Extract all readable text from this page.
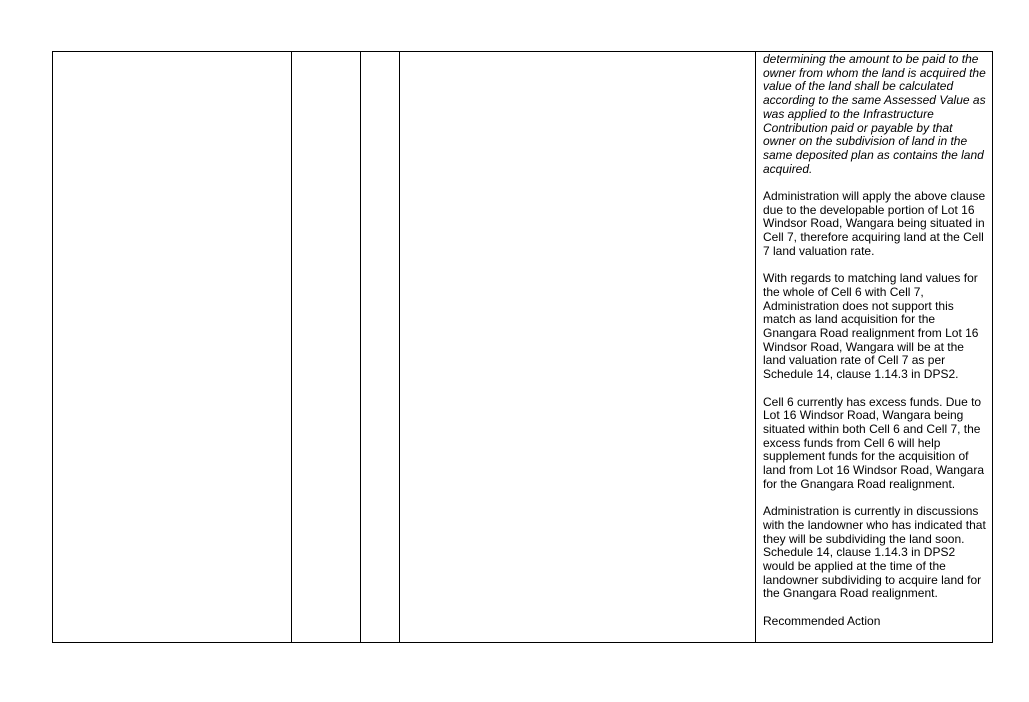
determining the amount to be paid to the
owner from whom the land is acquired the
value of the land shall be calculated
according to the same Assessed Value as
was applied to the Infrastructure
Contribution paid or payable by that
owner on the subdivision of land in the
same deposited plan as contains the land
acquired.

Administration will apply the above clause
due to the developable portion of Lot 16
Windsor Road, Wangara being situated in
Cell 7, therefore acquiring land at the Cell
7 land valuation rate.

With regards to matching land values for
the whole of Cell 6 with Cell 7,
Administration does not support this
match as land acquisition for the
Gnangara Road realignment from Lot 16
Windsor Road, Wangara will be at the
land valuation rate of Cell 7 as per
Schedule 14, clause 1.14.3 in DPS2.

Cell 6 currently has excess funds. Due to
Lot 16 Windsor Road, Wangara being
situated within both Cell 6 and Cell 7, the
excess funds from Cell 6 will help
supplement funds for the acquisition of
land from Lot 16 Windsor Road, Wangara
for the Gnangara Road realignment.

Administration is currently in discussions
with the landowner who has indicated that
they will be subdividing the land soon.
Schedule 14, clause 1.14.3 in DPS2
would be applied at the time of the
landowner subdividing to acquire land for
the Gnangara Road realignment.

Recommended Action
